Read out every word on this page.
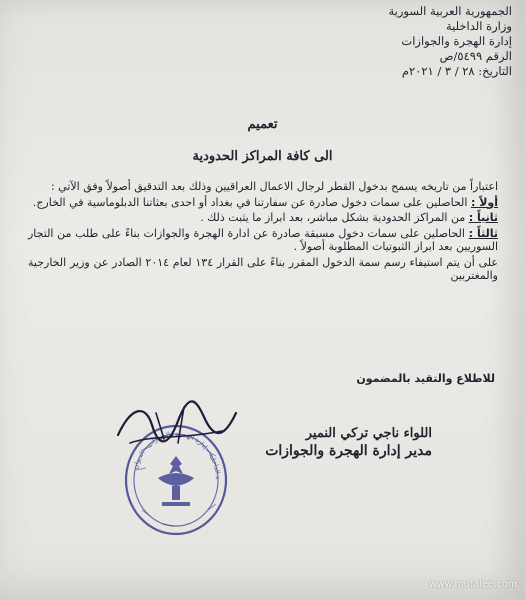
الجمهورية العربية السورية
وزارة الداخلية
إدارة الهجرة والجوازات
الرقم ٥٤٩٩/ص
التاريخ: ٢٨ / ٣ / ٢٠٢١م
تعميم
الى كافة المراكز الحدودية

اعتباراً من تاريخه يسمح بدخول القطر لرجال الاعمال العراقيين وذلك بعد التدقيق أصولاً وفق الآتي :

أولاً : الحاصلين على سمات دخول صادرة عن سفارتنا في بغداد أو احدى بعثاتنا الدبلوماسية في الخارج.

ثانياً : من المراكز الحدودية بشكل مباشر، بعد ابراز ما يثبت ذلك .

ثالثاً : الحاصلين على سمات دخول مسبقة صادرة عن ادارة الهجرة والجوازات بناءً على طلب من التجار السوريين بعد ابراز الثبوتيات المطلوبة أصولاً .

على أن يتم استيفاء رسم سمة الدخول المقرر بناءً على القرار ١٣٤ لعام ٢٠١٤ الصادر عن وزير الخارجية والمغتربين

للاطلاع والتقيد بالمضمون
ة الداخلية - إدارة الهجرة والجوازات - الديوان
اللواء ناجي تركي النمير
مدير إدارة الهجرة والجوازات
www.mutalee.com
